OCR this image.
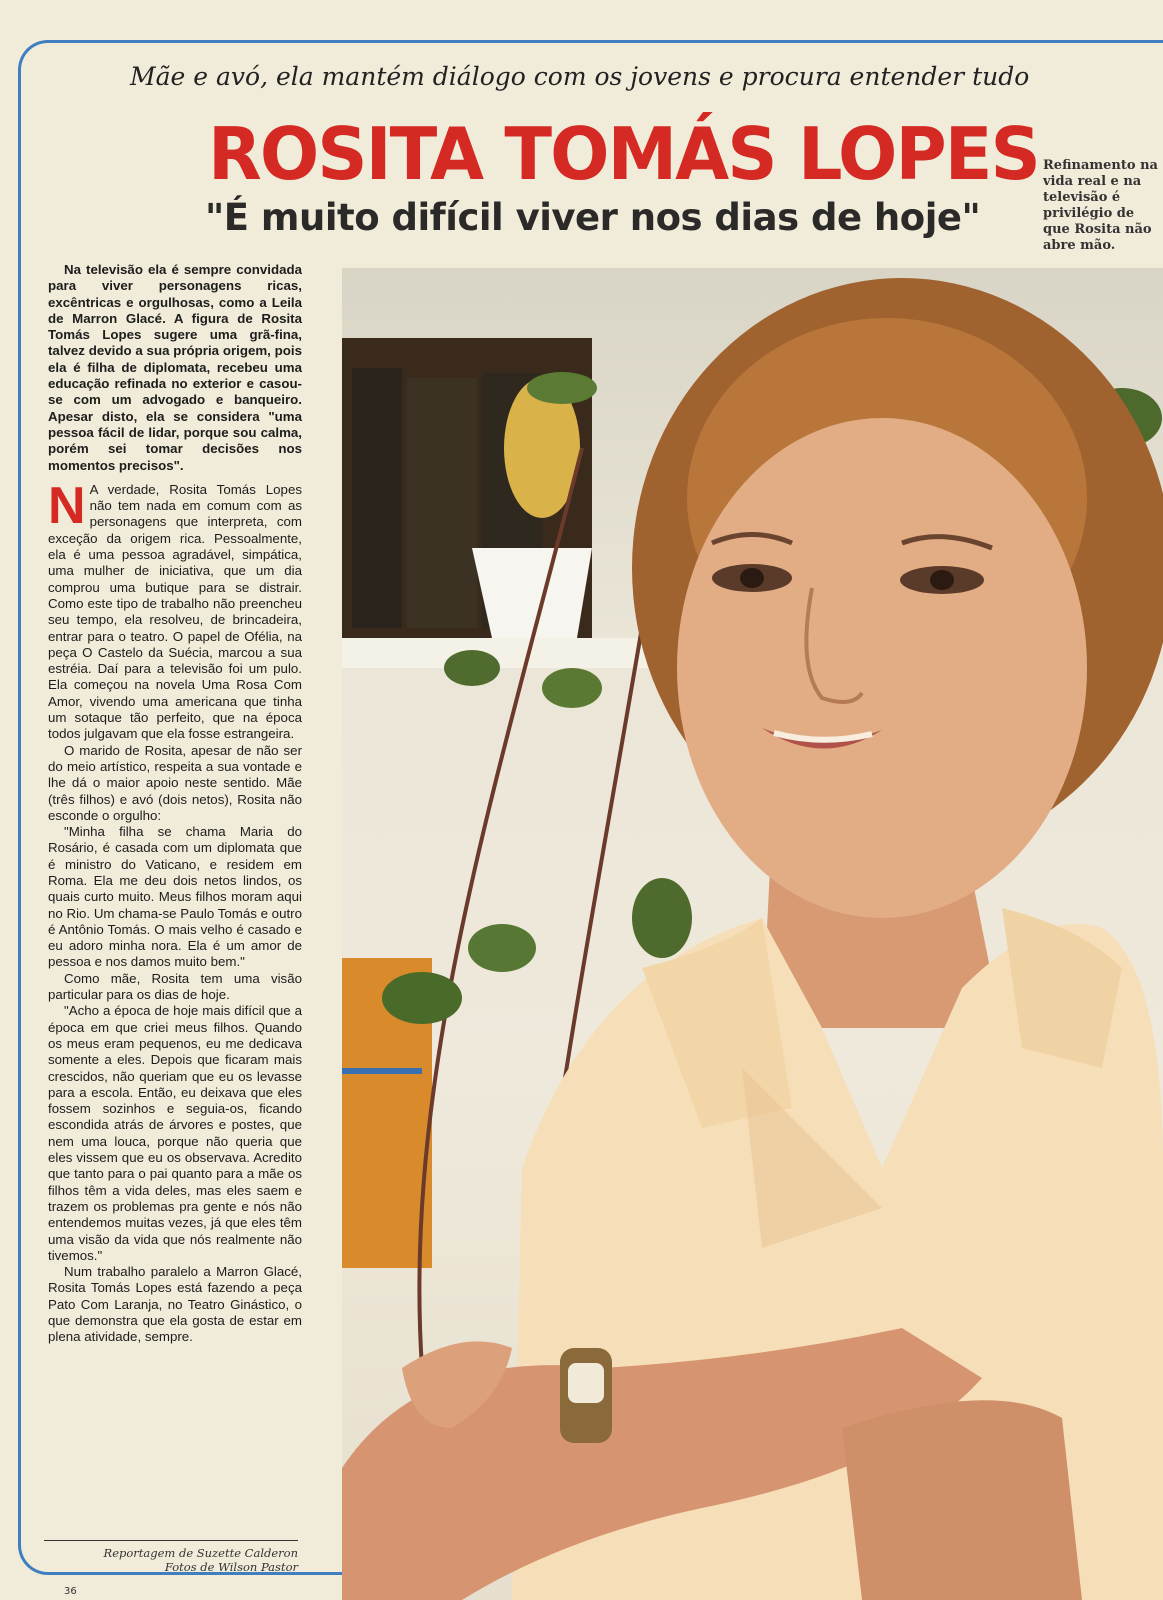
Mãe e avó, ela mantém diálogo com os jovens e procura entender tudo
ROSITA TOMÁS LOPES
"É muito difícil viver nos dias de hoje"
Refinamento na vida real e na televisão é privilégio de que Rosita não abre mão.

Na televisão ela é sempre convidada para viver personagens ricas, excêntricas e orgulhosas, como a Leila de Marron Glacé. A figura de Rosita Tomás Lopes sugere uma grã-fina, talvez devido a sua própria origem, pois ela é filha de diplomata, recebeu uma educação refinada no exterior e casou-se com um advogado e banqueiro. Apesar disto, ela se considera "uma pessoa fácil de lidar, porque sou calma, porém sei tomar decisões nos momentos precisos".

N A verdade, Rosita Tomás Lopes não tem nada em comum com as personagens que interpreta, com exceção da origem rica. Pessoalmente, ela é uma pessoa agradável, simpática, uma mulher de iniciativa, que um dia comprou uma butique para se distrair. Como este tipo de trabalho não preencheu seu tempo, ela resolveu, de brincadeira, entrar para o teatro. O papel de Ofélia, na peça O Castelo da Suécia, marcou a sua estréia. Daí para a televisão foi um pulo. Ela começou na novela Uma Rosa Com Amor, vivendo uma americana que tinha um sotaque tão perfeito, que na época todos julgavam que ela fosse estrangeira.

O marido de Rosita, apesar de não ser do meio artístico, respeita a sua vontade e lhe dá o maior apoio neste sentido. Mãe (três filhos) e avó (dois netos), Rosita não esconde o orgulho:

"Minha filha se chama Maria do Rosário, é casada com um diplomata que é ministro do Vaticano, e residem em Roma. Ela me deu dois netos lindos, os quais curto muito. Meus filhos moram aqui no Rio. Um chama-se Paulo Tomás e outro é Antônio Tomás. O mais velho é casado e eu adoro minha nora. Ela é um amor de pessoa e nos damos muito bem."

Como mãe, Rosita tem uma visão particular para os dias de hoje.

"Acho a época de hoje mais difícil que a época em que criei meus filhos. Quando os meus eram pequenos, eu me dedicava somente a eles. Depois que ficaram mais crescidos, não queriam que eu os levasse para a escola. Então, eu deixava que eles fossem sozinhos e seguia-os, ficando escondida atrás de árvores e postes, que nem uma louca, porque não queria que eles vissem que eu os observava. Acredito que tanto para o pai quanto para a mãe os filhos têm a vida deles, mas eles saem e trazem os problemas pra gente e nós não entendemos muitas vezes, já que eles têm uma visão da vida que nós realmente não tivemos."

Num trabalho paralelo a Marron Glacé, Rosita Tomás Lopes está fazendo a peça Pato Com Laranja, no Teatro Ginástico, o que demonstra que ela gosta de estar em plena atividade, sempre.

Reportagem de Suzette Calderon
Fotos de Wilson Pastor
36
